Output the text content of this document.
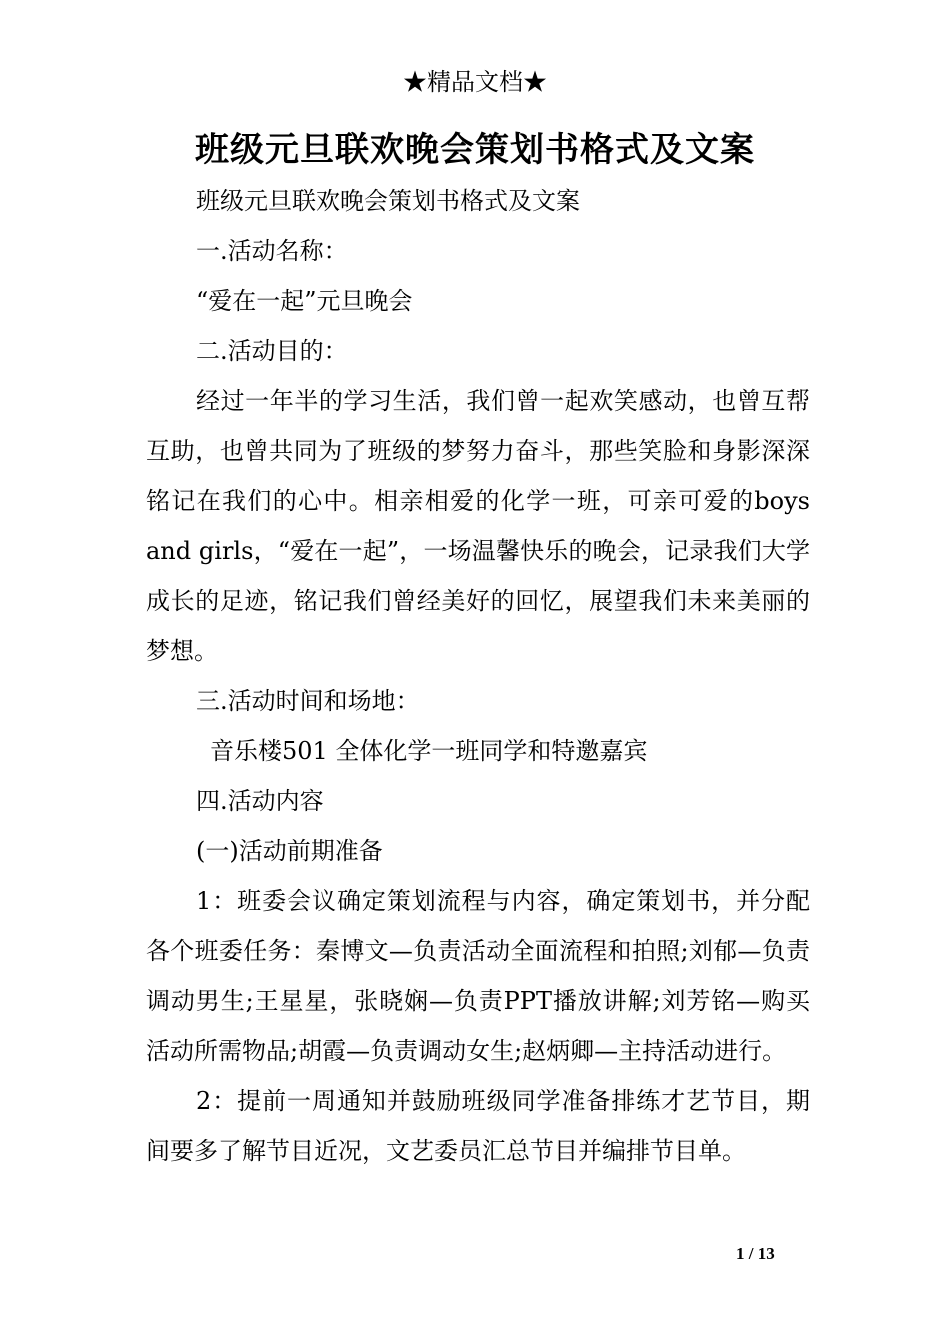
★精品文档★
班级元旦联欢晚会策划书格式及文案

班级元旦联欢晚会策划书格式及文案

一.活动名称：

“爱在一起”元旦晚会

二.活动目的：

经过一年半的学习生活，我们曾一起欢笑感动，也曾互帮互助，也曾共同为了班级的梦努力奋斗，那些笑脸和身影深深铭记在我们的心中。相亲相爱的化学一班，可亲可爱的boys and girls，“爱在一起”，一场温馨快乐的晚会，记录我们大学成长的足迹，铭记我们曾经美好的回忆，展望我们未来美丽的梦想。

三.活动时间和场地：

音乐楼501 全体化学一班同学和特邀嘉宾

四.活动内容

(一)活动前期准备

1：班委会议确定策划流程与内容，确定策划书，并分配各个班委任务：秦博文—负责活动全面流程和拍照;刘郁—负责调动男生;王星星，张晓娴—负责PPT播放讲解;刘芳铭—购买活动所需物品;胡霞—负责调动女生;赵炳卿—主持活动进行。

2：提前一周通知并鼓励班级同学准备排练才艺节目，期间要多了解节目近况，文艺委员汇总节目并编排节目单。

1 / 13
